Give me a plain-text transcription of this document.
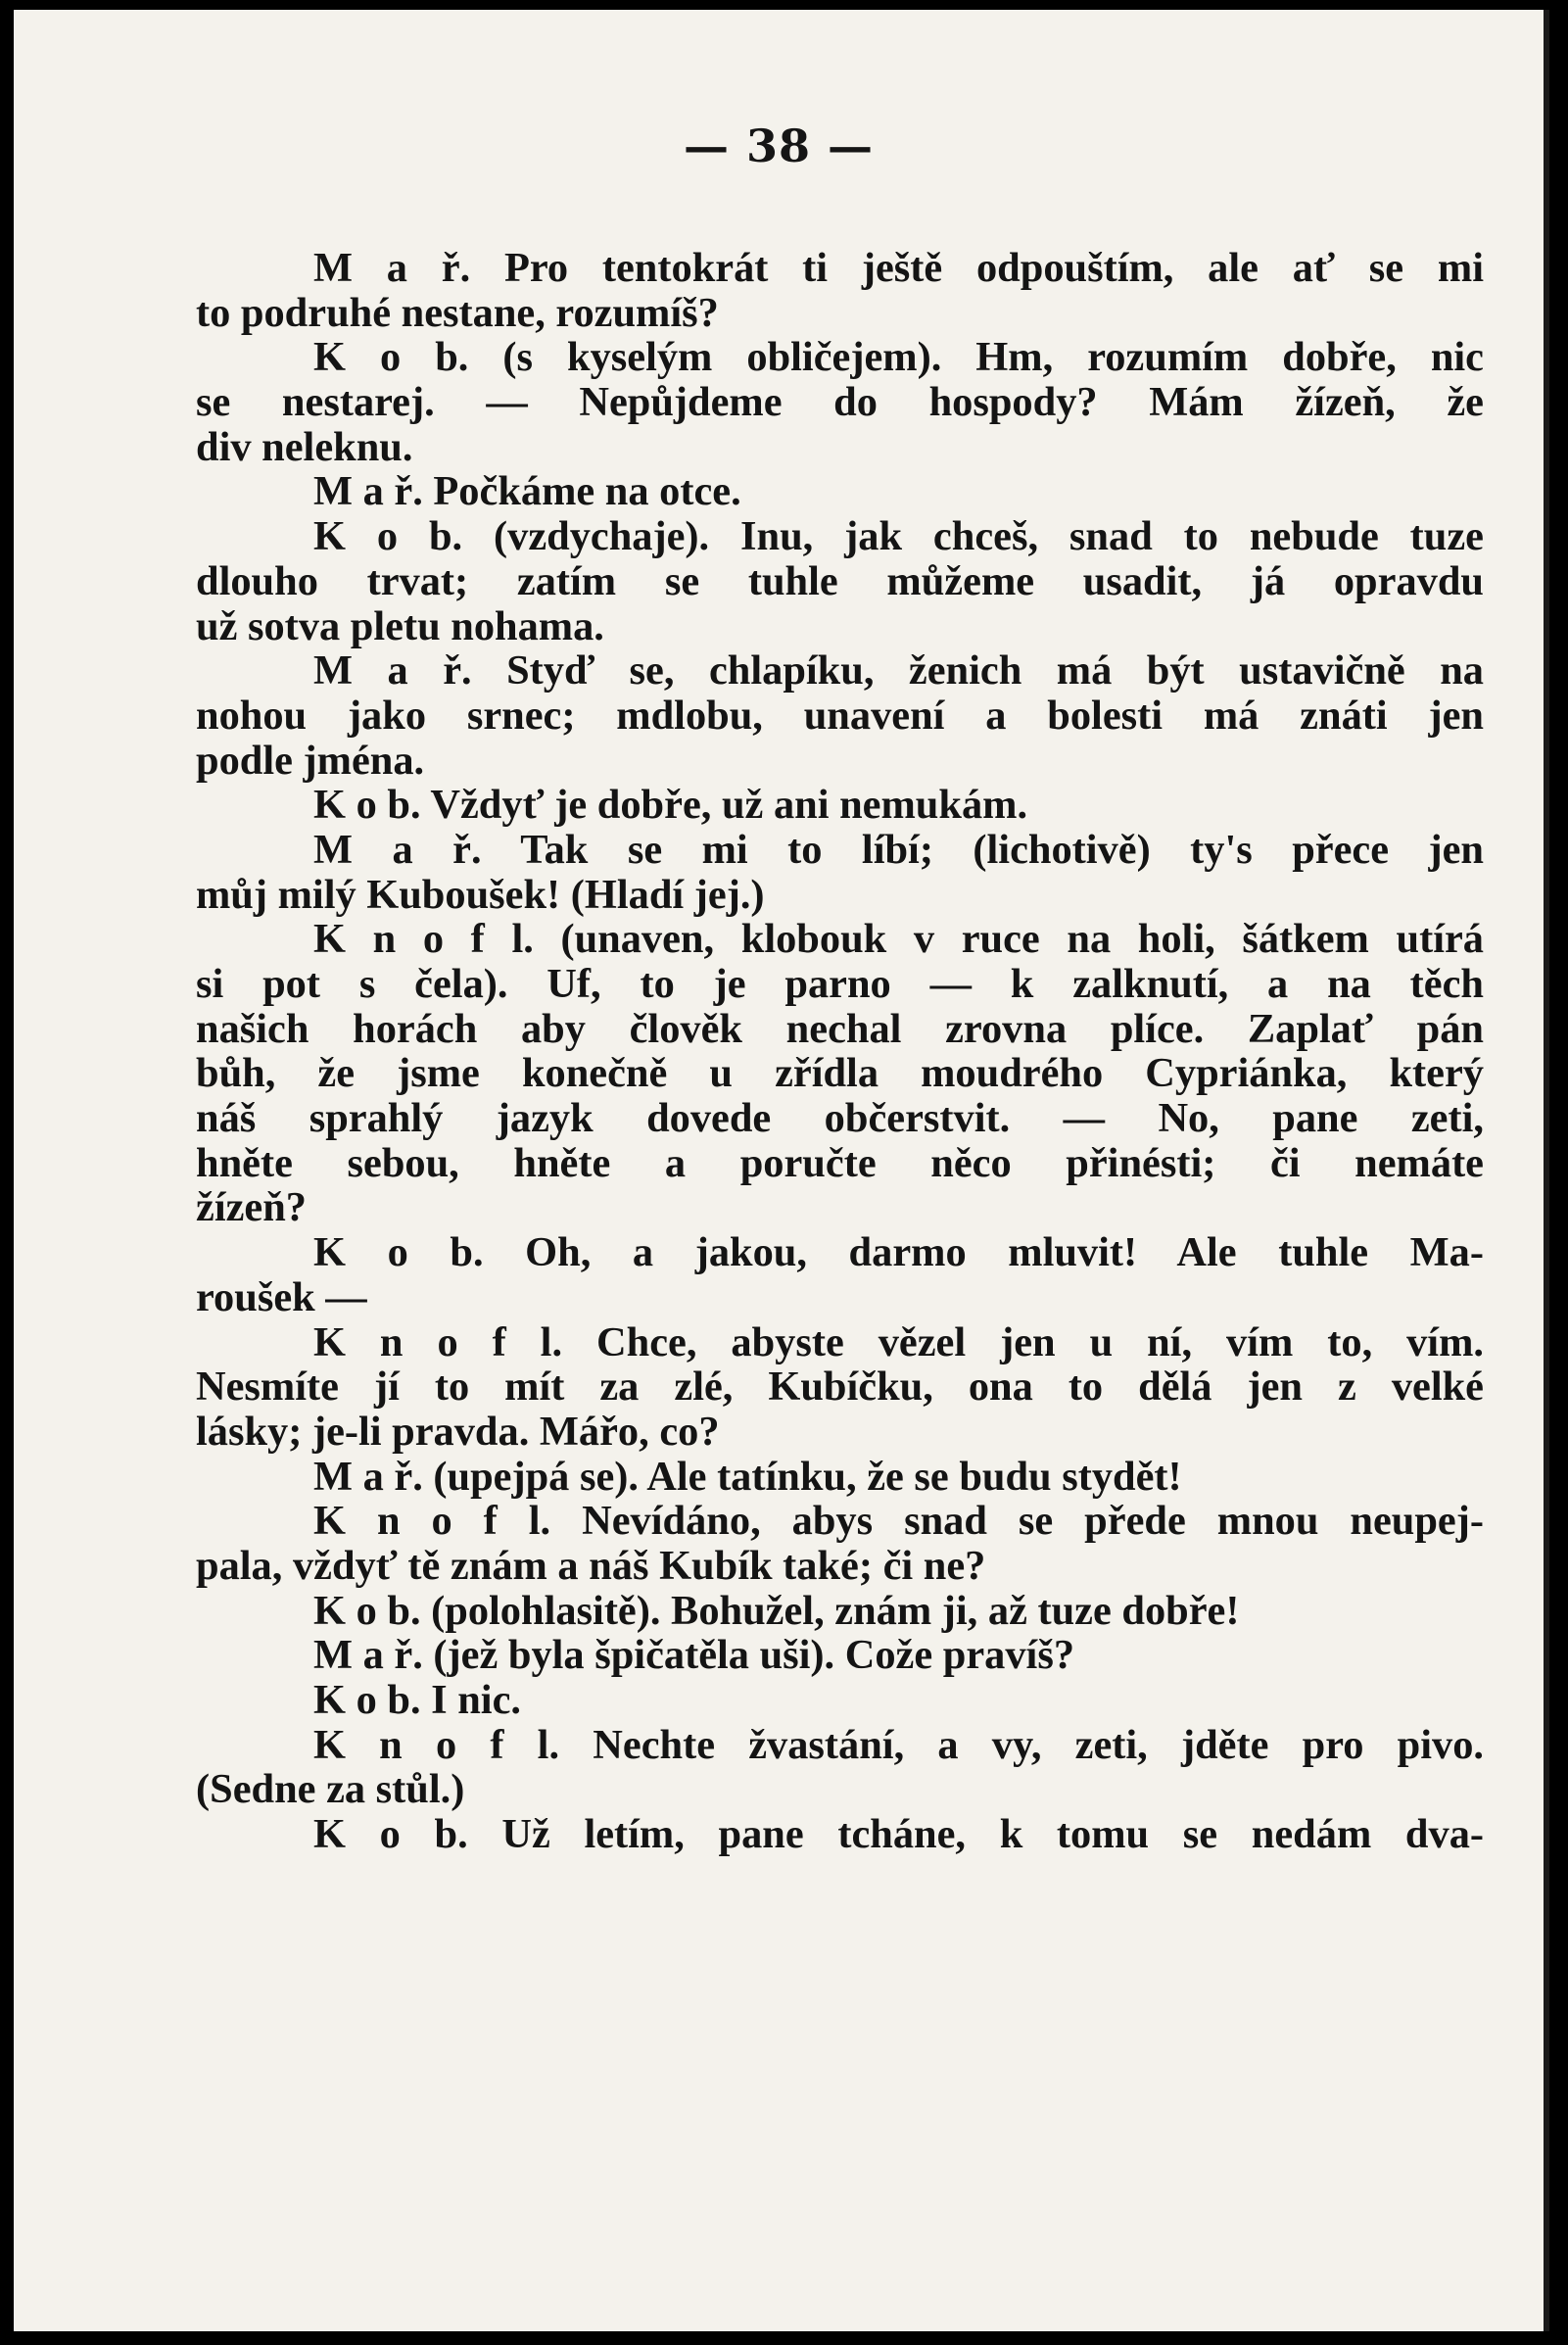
— 38 —
M a ř. Pro tentokrát ti ještě odpouštím, ale ať se mi
to podruhé nestane, rozumíš?
K o b. (s kyselým obličejem). Hm, rozumím dobře, nic
se nestarej. — Nepůjdeme do hospody? Mám žízeň, že
div neleknu.
M a ř. Počkáme na otce.
K o b. (vzdychaje). Inu, jak chceš, snad to nebude tuze
dlouho trvat; zatím se tuhle můžeme usadit, já opravdu
už sotva pletu nohama.
M a ř. Styď se, chlapíku, ženich má být ustavičně na
nohou jako srnec; mdlobu, unavení a bolesti má znáti jen
podle jména.
K o b. Vždyť je dobře, už ani nemukám.
M a ř. Tak se mi to líbí; (lichotivě) ty's přece jen
můj milý Kuboušek! (Hladí jej.)
K n o f l. (unaven, klobouk v ruce na holi, šátkem utírá
si pot s čela). Uf, to je parno — k zalknutí, a na těch
našich horách aby člověk nechal zrovna plíce. Zaplať pán
bůh, že jsme konečně u zřídla moudrého Cypriánka, který
náš sprahlý jazyk dovede občerstvit. — No, pane zeti,
hněte sebou, hněte a poručte něco přinésti; či nemáte
žízeň?
K o b. Oh, a jakou, darmo mluvit! Ale tuhle Ma-
roušek —
K n o f l. Chce, abyste vězel jen u ní, vím to, vím.
Nesmíte jí to mít za zlé, Kubíčku, ona to dělá jen z velké
lásky; je-li pravda. Mářo, co?
M a ř. (upejpá se). Ale tatínku, že se budu stydět!
K n o f l. Nevídáno, abys snad se přede mnou neupej-
pala, vždyť tě znám a náš Kubík také; či ne?
K o b. (polohlasitě). Bohužel, znám ji, až tuze dobře!
M a ř. (jež byla špičatěla uši). Cože pravíš?
K o b. I nic.
K n o f l. Nechte žvastání, a vy, zeti, jděte pro pivo.
(Sedne za stůl.)
K o b. Už letím, pane tcháne, k tomu se nedám dva-
